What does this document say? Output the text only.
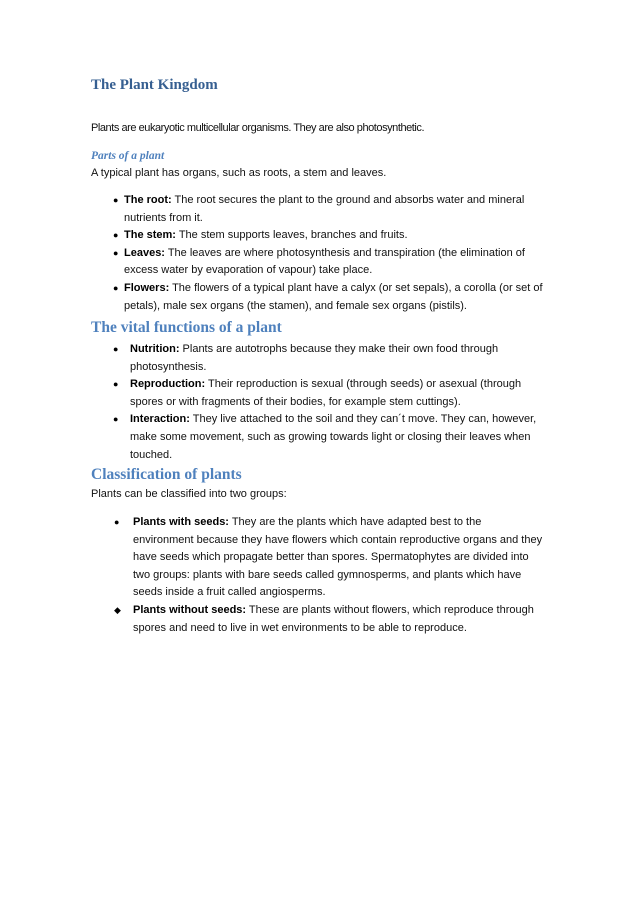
The Plant Kingdom
Plants are eukaryotic multicellular organisms. They are also photosynthetic.
Parts of a plant
A typical plant has organs, such as roots, a stem and leaves.
● The root: The root secures the plant to the ground and absorbs water and mineral nutrients from it.
● The stem: The stem supports leaves, branches and fruits.
● Leaves: The leaves are where photosynthesis and transpiration (the elimination of excess water by evaporation of vapour) take place.
● Flowers: The flowers of a typical plant have a calyx (or set sepals), a corolla (or set of petals), male sex organs (the stamen), and female sex organs (pistils).
The vital functions of a plant
● Nutrition: Plants are autotrophs because they make their own food through photosynthesis.
● Reproduction: Their reproduction is sexual (through seeds) or asexual (through spores or with fragments of their bodies, for example stem cuttings).
● Interaction: They live attached to the soil and they can´t move. They can, however, make some movement, such as growing towards light or closing their leaves when touched.
Classification of plants
Plants can be classified into two groups:
● Plants with seeds: They are the plants which have adapted best to the environment because they have flowers which contain reproductive organs and they have seeds which propagate better than spores. Spermatophytes are divided into two groups: plants with bare seeds called gymnosperms, and plants which have seeds inside a fruit called angiosperms.
◆ Plants without seeds: These are plants without flowers, which reproduce through spores and need to live in wet environments to be able to reproduce.
